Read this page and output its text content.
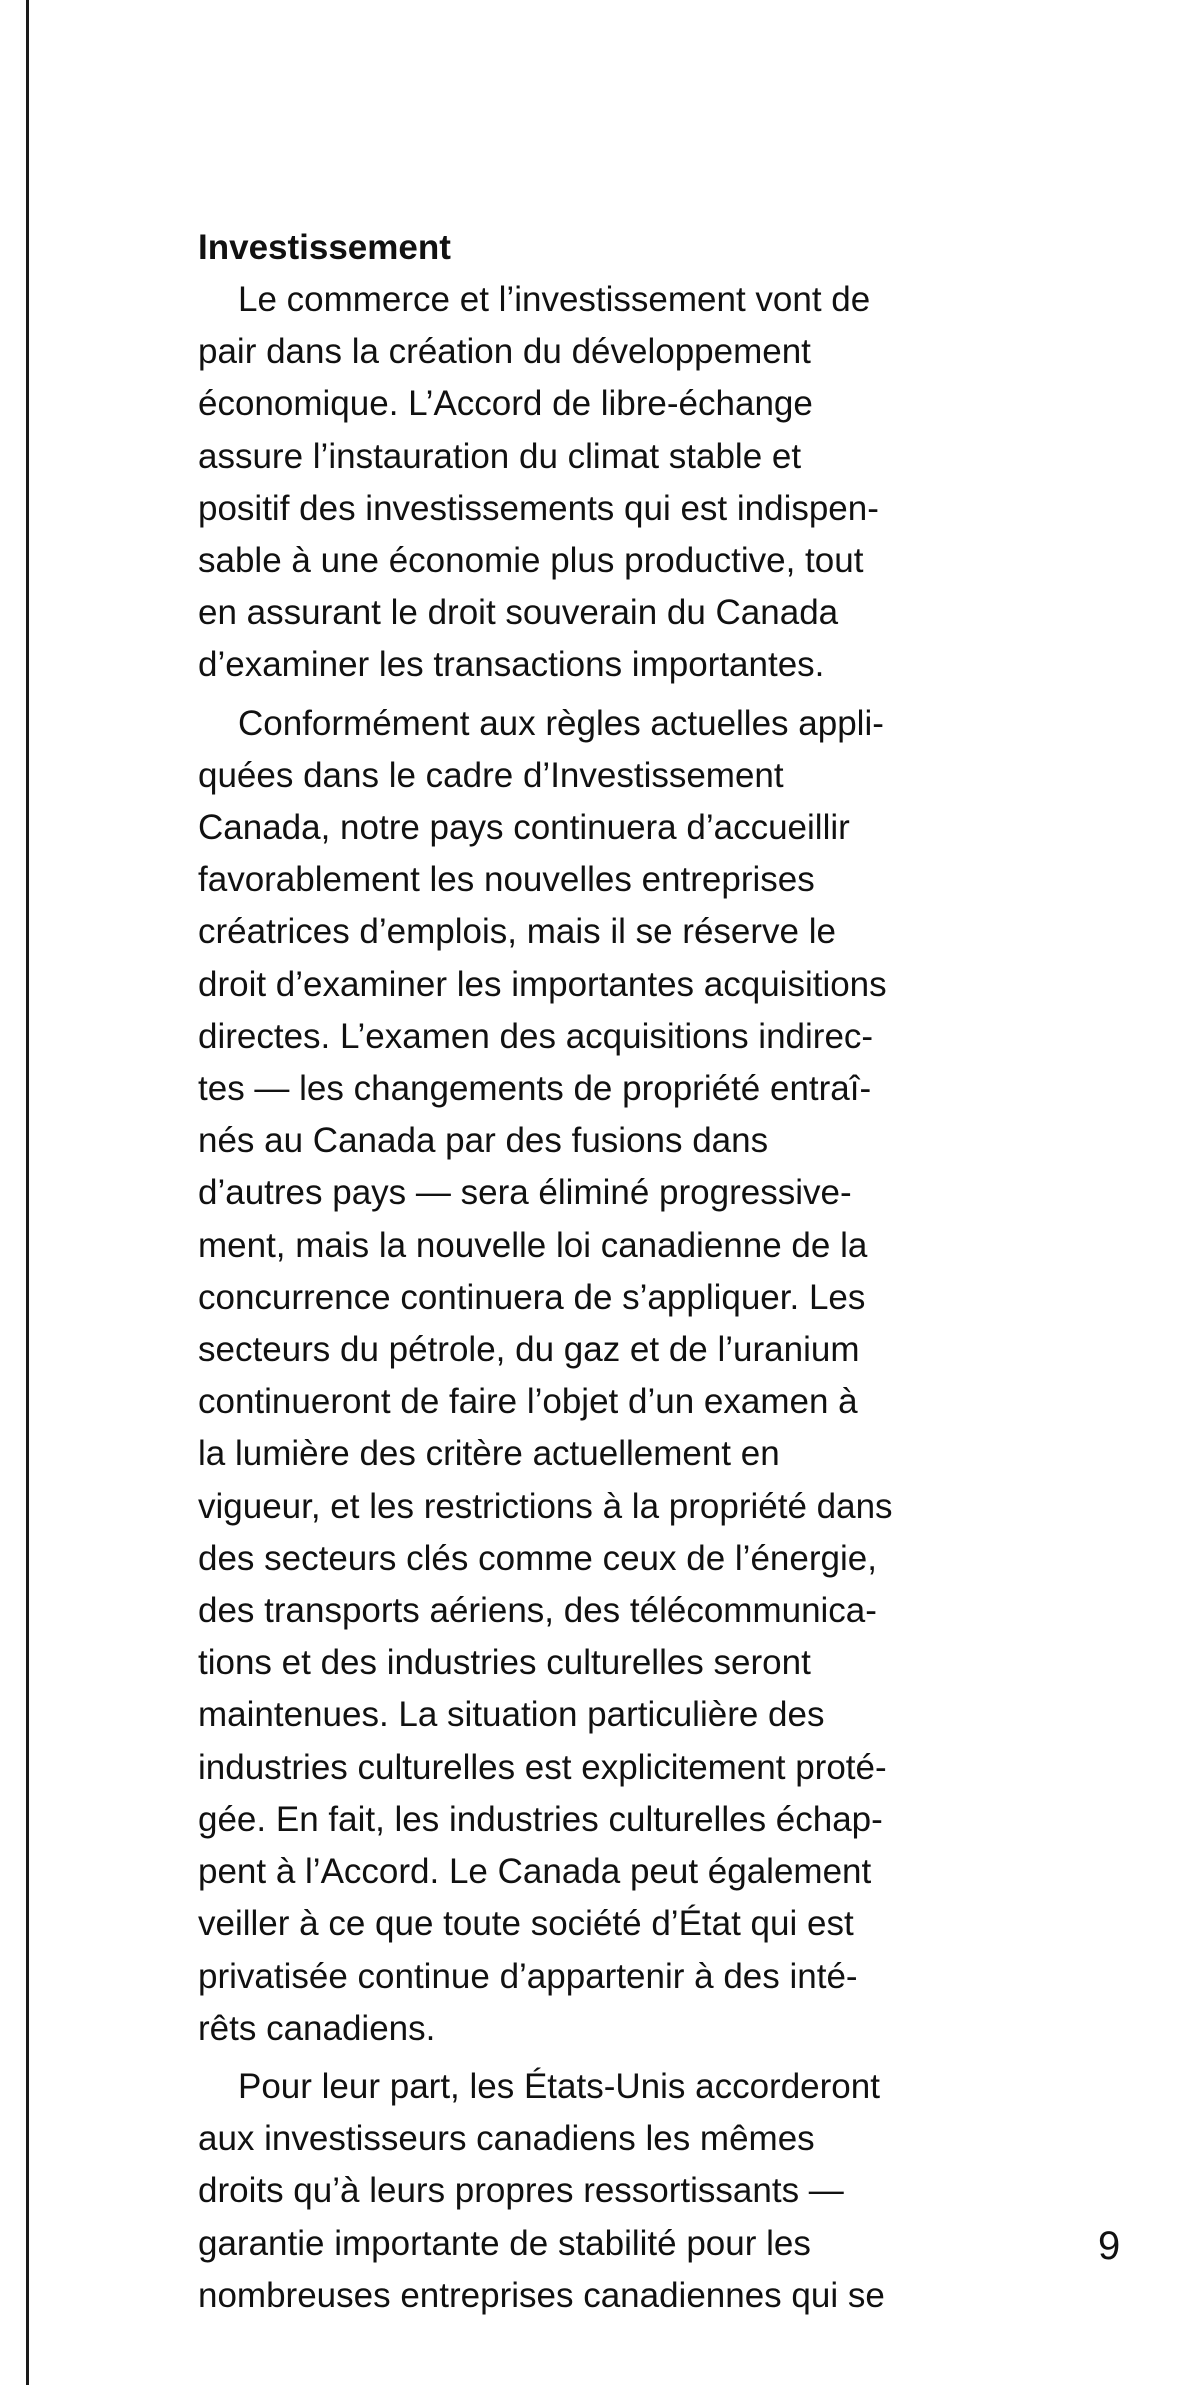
Investissement
Le commerce et l’investissement vont de
pair dans la création du développement
économique. L’Accord de libre-échange
assure l’instauration du climat stable et
positif des investissements qui est indispen-
sable à une économie plus productive, tout
en assurant le droit souverain du Canada
d’examiner les transactions importantes.
Conformément aux règles actuelles appli-
quées dans le cadre d’Investissement
Canada, notre pays continuera d’accueillir
favorablement les nouvelles entreprises
créatrices d’emplois, mais il se réserve le
droit d’examiner les importantes acquisitions
directes. L’examen des acquisitions indirec-
tes — les changements de propriété entraî-
nés au Canada par des fusions dans
d’autres pays — sera éliminé progressive-
ment, mais la nouvelle loi canadienne de la
concurrence continuera de s’appliquer. Les
secteurs du pétrole, du gaz et de l’uranium
continueront de faire l’objet d’un examen à
la lumière des critère actuellement en
vigueur, et les restrictions à la propriété dans
des secteurs clés comme ceux de l’énergie,
des transports aériens, des télécommunica-
tions et des industries culturelles seront
maintenues. La situation particulière des
industries culturelles est explicitement proté-
gée. En fait, les industries culturelles échap-
pent à l’Accord. Le Canada peut également
veiller à ce que toute société d’État qui est
privatisée continue d’appartenir à des inté-
rêts canadiens.
Pour leur part, les États-Unis accorderont
aux investisseurs canadiens les mêmes
droits qu’à leurs propres ressortissants —
garantie importante de stabilité pour les
nombreuses entreprises canadiennes qui se
9
